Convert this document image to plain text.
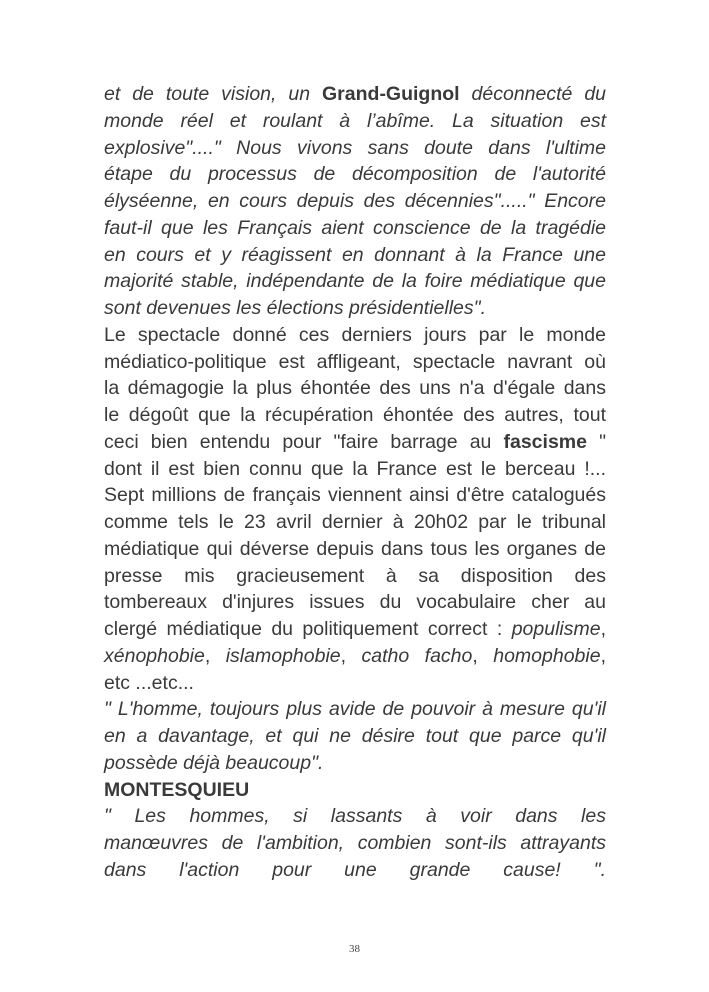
et de toute vision, un Grand-Guignol déconnecté du
monde réel et roulant à l’abîme. La situation est
explosive"...." Nous vivons sans doute dans l'ultime
étape du processus de décomposition de l'autorité
élyséenne, en cours depuis des décennies"....." Encore
faut-il que les Français aient conscience de la tragédie
en cours et y réagissent en donnant à la France une
majorité stable, indépendante de la foire médiatique que
sont devenues les élections présidentielles".
Le spectacle donné ces derniers jours par le monde
médiatico-politique est affligeant, spectacle navrant où
la démagogie la plus éhontée des uns n'a d'égale dans
le dégoût que la récupération éhontée des autres, tout
ceci bien entendu pour "faire barrage au fascisme "
dont il est bien connu que la France est le berceau !...
Sept millions de français viennent ainsi d'être catalogués
comme tels le 23 avril dernier à 20h02 par le tribunal
médiatique qui déverse depuis dans tous les organes de
presse mis gracieusement à sa disposition des
tombereaux d'injures issues du vocabulaire cher au
clergé médiatique du politiquement correct : populisme,
xénophobie, islamophobie, catho facho, homophobie,
etc ...etc...
" L'homme, toujours plus avide de pouvoir à mesure qu'il
en a davantage, et qui ne désire tout que parce qu'il
possède déjà beaucoup".
MONTESQUIEU
" Les hommes, si lassants à voir dans les
manœuvres de l'ambition, combien sont-ils attrayants
dans l'action pour une grande cause! ".
38
